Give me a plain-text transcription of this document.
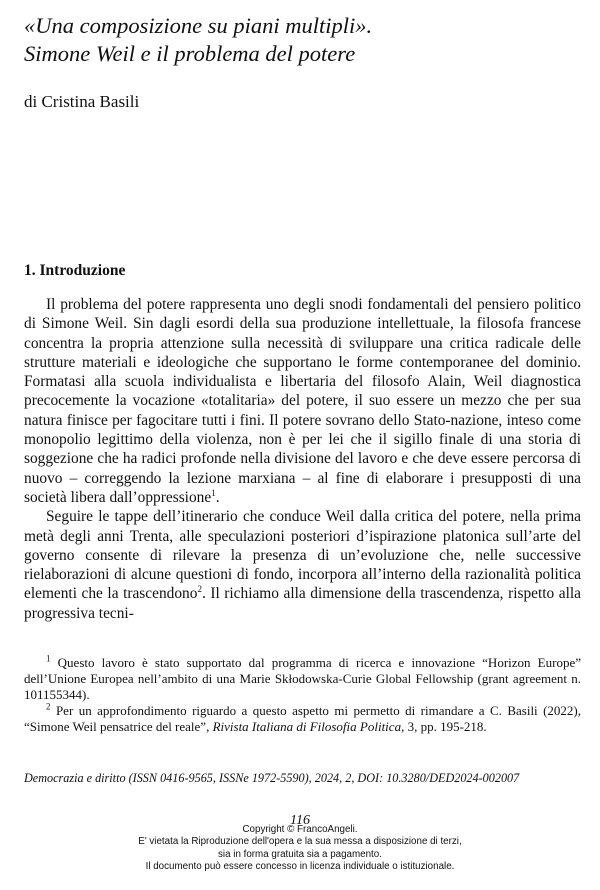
«Una composizione su piani multipli».
Simone Weil e il problema del potere

di Cristina Basili

1. Introduzione

Il problema del potere rappresenta uno degli snodi fondamentali del pensiero politico di Simone Weil. Sin dagli esordi della sua produzione intellettuale, la filosofa francese concentra la propria attenzione sulla necessità di sviluppare una critica radicale delle strutture materiali e ideologiche che supportano le forme contemporanee del dominio. Formatasi alla scuola individualista e libertaria del filosofo Alain, Weil diagnostica precocemente la vocazione «totalitaria» del potere, il suo essere un mezzo che per sua natura finisce per fagocitare tutti i fini. Il potere sovrano dello Stato-nazione, inteso come monopolio legittimo della violenza, non è per lei che il sigillo finale di una storia di soggezione che ha radici profonde nella divisione del lavoro e che deve essere percorsa di nuovo – correggendo la lezione marxiana – al fine di elaborare i presupposti di una società libera dall’oppressione$^1$.

Seguire le tappe dell’itinerario che conduce Weil dalla critica del potere, nella prima metà degli anni Trenta, alle speculazioni posteriori d’ispirazione platonica sull’arte del governo consente di rilevare la presenza di un’evoluzione che, nelle successive rielaborazioni di alcune questioni di fondo, incorpora all’interno della razionalità politica elementi che la trascendono$^2$. Il richiamo alla dimensione della trascendenza, rispetto alla progressiva tecni-

$^1$ Questo lavoro è stato supportato dal programma di ricerca e innovazione “Horizon Europe” dell’Unione Europea nell’ambito di una Marie Skłodowska-Curie Global Fellowship (grant agreement n. 101155344).

$^2$ Per un approfondimento riguardo a questo aspetto mi permetto di rimandare a C. Basili (2022), “Simone Weil pensatrice del reale”, Rivista Italiana di Filosofia Politica, 3, pp. 195-218.

Democrazia e diritto (ISSN 0416-9565, ISSNe 1972-5590), 2024, 2, DOI: 10.3280/DED2024-002007

116

Copyright © FrancoAngeli.
E' vietata la Riproduzione dell'opera e la sua messa a disposizione di terzi,
sia in forma gratuita sia a pagamento.
Il documento può essere concesso in licenza individuale o istituzionale.
